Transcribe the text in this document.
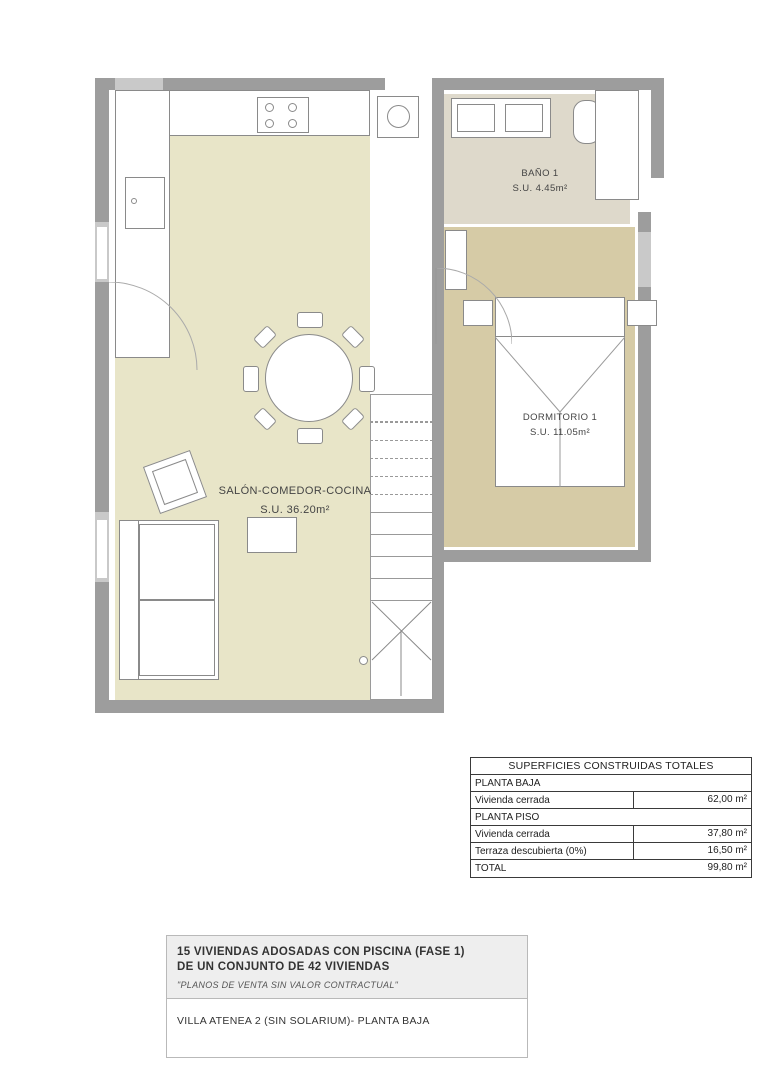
SALÓN-COMEDOR-COCINA
S.U. 36.20m²
BAÑO 1
S.U. 4.45m²
DORMITORIO 1
S.U. 11.05m²
SUPERFICIES CONSTRUIDAS TOTALES
PLANTA BAJA
Vivienda cerrada	62,00 m²
PLANTA PISO
Vivienda cerrada	37,80 m²
Terraza descubierta (0%)	16,50 m²
TOTAL	99,80 m²
15 VIVIENDAS ADOSADAS CON PISCINA (FASE 1)
DE UN CONJUNTO DE 42 VIVIENDAS
"PLANOS DE VENTA SIN VALOR CONTRACTUAL"
VILLA ATENEA 2 (SIN SOLARIUM)- PLANTA BAJA
